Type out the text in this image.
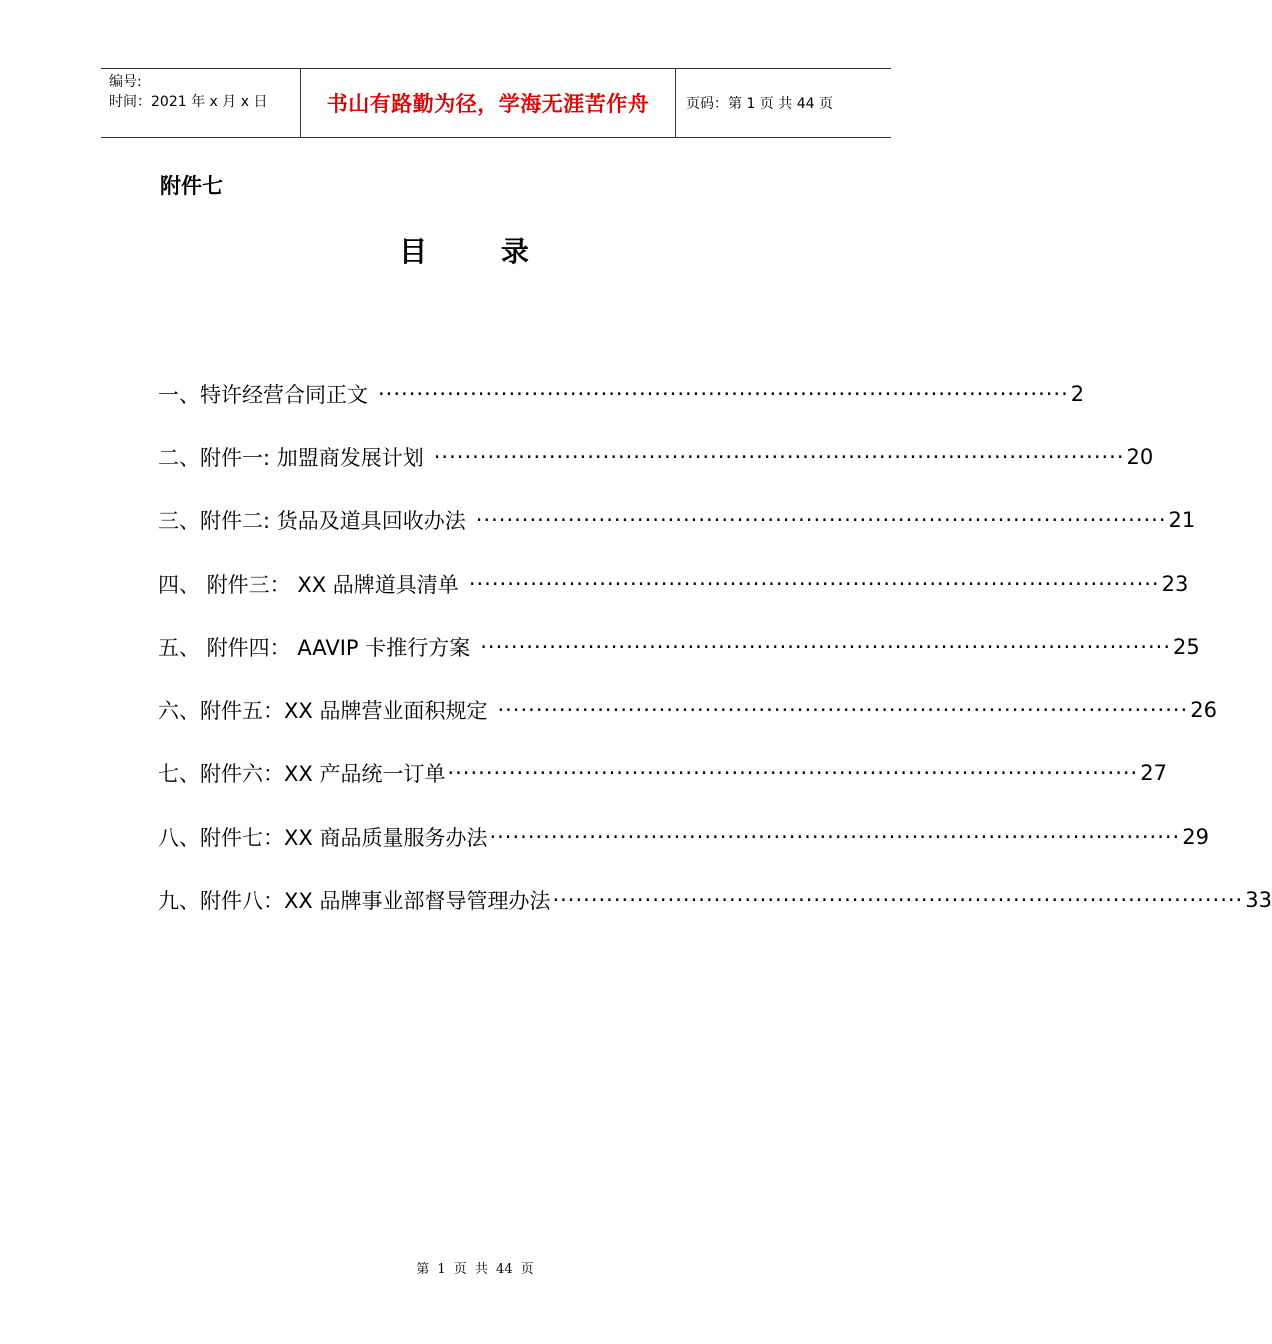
编号:
时间：2021 年 x 月 x 日	书山有路勤为径，学海无涯苦作舟	页码：第 1 页 共 44 页
附件七
目 录
一、特许经营合同正文 ·························································································· 2
二、附件一: 加盟商发展计划 ·························································································· 20
三、附件二: 货品及道具回收办法 ·························································································· 21
四、 附件三： XX 品牌道具清单 ·························································································· 23
五、 附件四： AAVIP 卡推行方案 ·························································································· 25
六、附件五：XX 品牌营业面积规定 ·························································································· 26
七、附件六：XX 产品统一订单 ·························································································· 27
八、附件七：XX 商品质量服务办法 ·························································································· 29
九、附件八：XX 品牌事业部督导管理办法 ·························································································· 33
第 1 页 共 44 页
